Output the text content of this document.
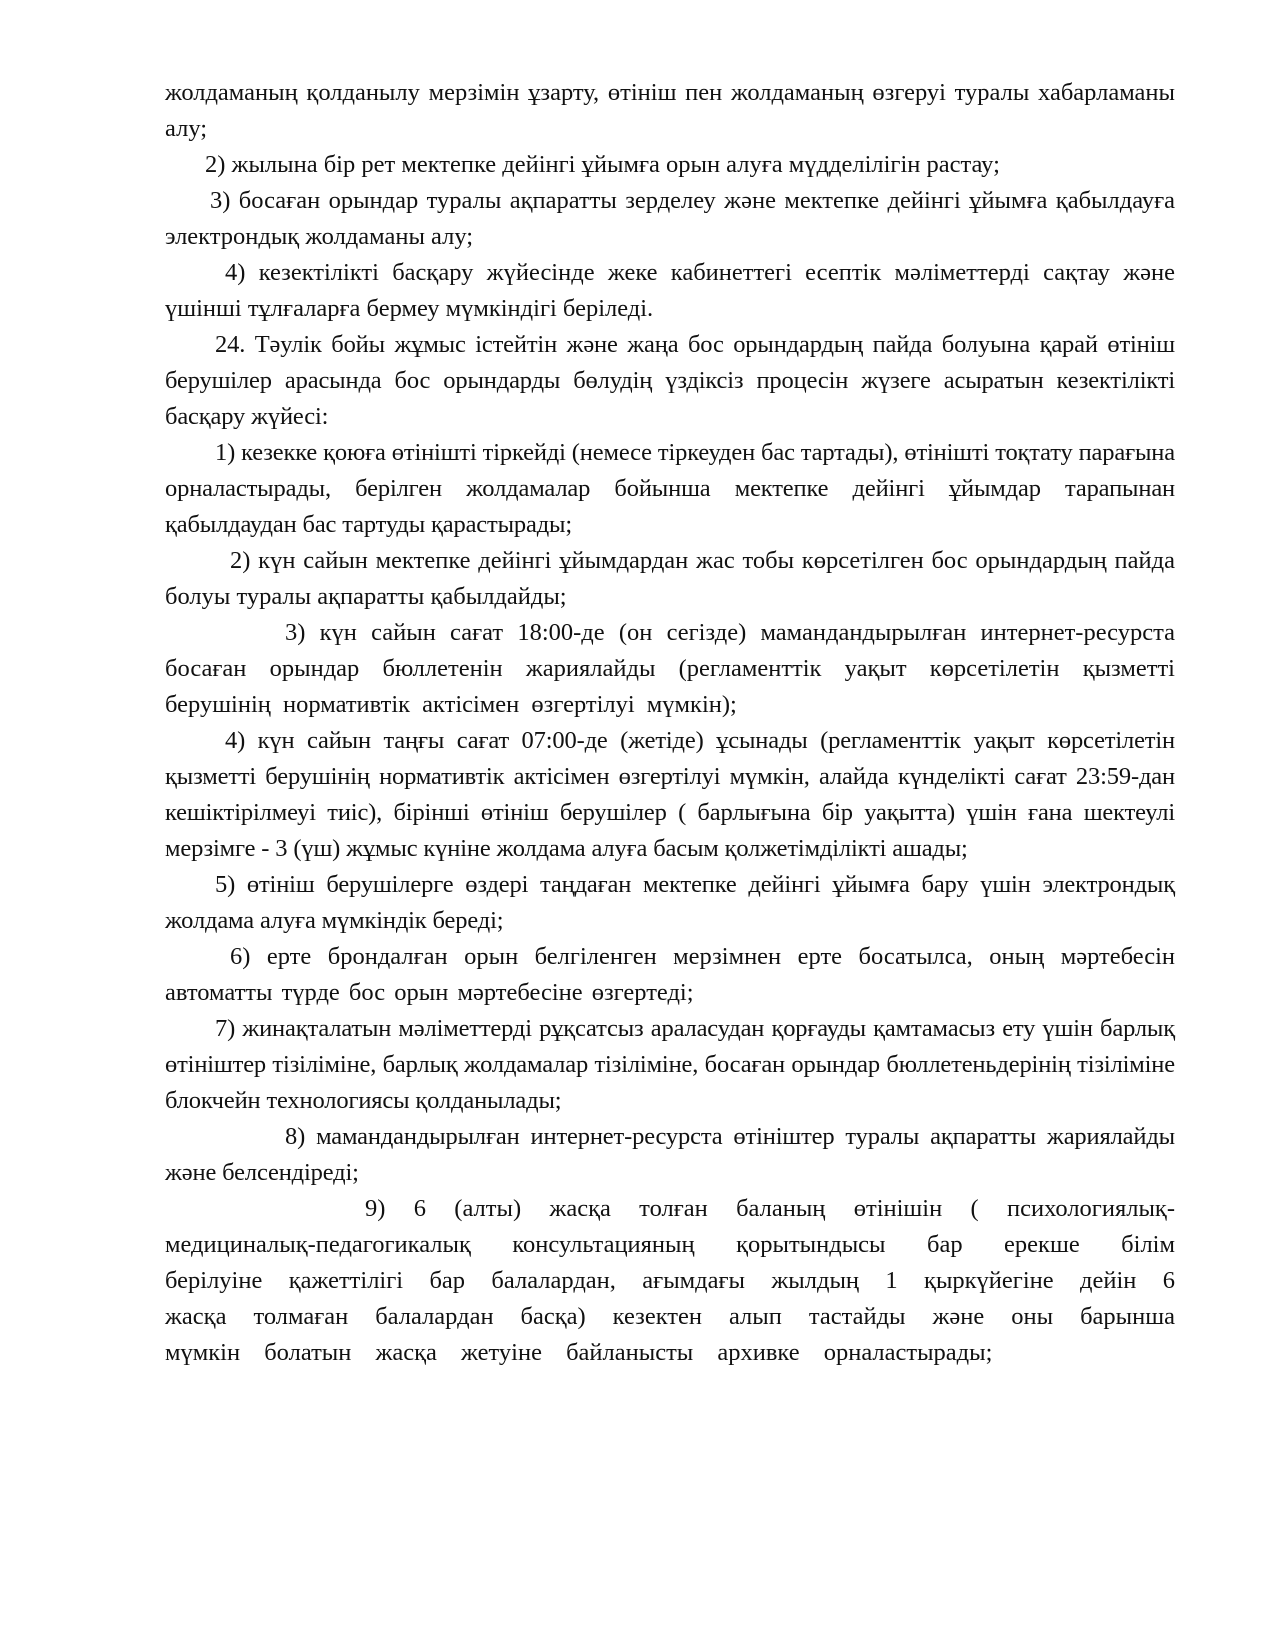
жолдаманың қолданылу мерзімін ұзарту, өтініш пен жолдаманың өзгеруі туралы хабарламаны алу;

2) жылына бір рет мектепке дейінгі ұйымға орын алуға мүдделілігін растау;

3) босаған орындар туралы ақпаратты зерделеу және мектепке дейінгі ұйымға қабылдауға электрондық жолдаманы алу;

4) кезектілікті басқару жүйесінде жеке кабинеттегі есептік мәліметтерді сақтау және үшінші тұлғаларға бермеу мүмкіндігі беріледі.

24. Тәулік бойы жұмыс істейтін және жаңа бос орындардың пайда болуына қарай өтініш берушілер арасында бос орындарды бөлудің үздіксіз процесін жүзеге асыратын кезектілікті басқару жүйесі:

1) кезекке қоюға өтінішті тіркейді (немесе тіркеуден бас тартады), өтінішті тоқтату парағына орналастырады, берілген жолдамалар бойынша мектепке дейінгі ұйымдар тарапынан қабылдаудан бас тартуды қарастырады;

2) күн сайын мектепке дейінгі ұйымдардан жас тобы көрсетілген бос орындардың пайда болуы туралы ақпаратты қабылдайды;

3) күн сайын сағат 18:00-де (он сегізде) мамандандырылған интернет-ресурста босаған орындар бюллетенін жариялайды (регламенттік уақыт көрсетілетін қызметті берушінің нормативтік актісімен өзгертілуі мүмкін);

4) күн сайын таңғы сағат 07:00-де (жетіде) ұсынады (регламенттік уақыт көрсетілетін қызметті берушінің нормативтік актісімен өзгертілуі мүмкін, алайда күнделікті сағат 23:59-дан кешіктірілмеуі тиіс), бірінші өтініш берушілер ( барлығына бір уақытта) үшін ғана шектеулі мерзімге - 3 (үш) жұмыс күніне жолдама алуға басым қолжетімділікті ашады;

5) өтініш берушілерге өздері таңдаған мектепке дейінгі ұйымға бару үшін электрондық жолдама алуға мүмкіндік береді;

6) ерте брондалған орын белгіленген мерзімнен ерте босатылса, оның мәртебесін автоматты түрде бос орын мәртебесіне өзгертеді;

7) жинақталатын мәліметтерді рұқсатсыз араласудан қорғауды қамтамасыз ету үшін барлық өтініштер тізіліміне, барлық жолдамалар тізіліміне, босаған орындар бюллетеньдерінің тізіліміне блокчейн технологиясы қолданылады;

8) мамандандырылған интернет-ресурста өтініштер туралы ақпаратты жариялайды және белсендіреді;

9) 6 (алты) жасқа толған баланың өтінішін ( психологиялық-медициналық-педагогикалық консультацияның қорытындысы бар ерекше білім берілуіне қажеттілігі бар балалардан, ағымдағы жылдың 1 қыркүйегіне дейін 6 жасқа толмаған балалардан басқа) кезектен алып тастайды және оны барынша мүмкін болатын жасқа жетуіне байланысты архивке орналастырады;
